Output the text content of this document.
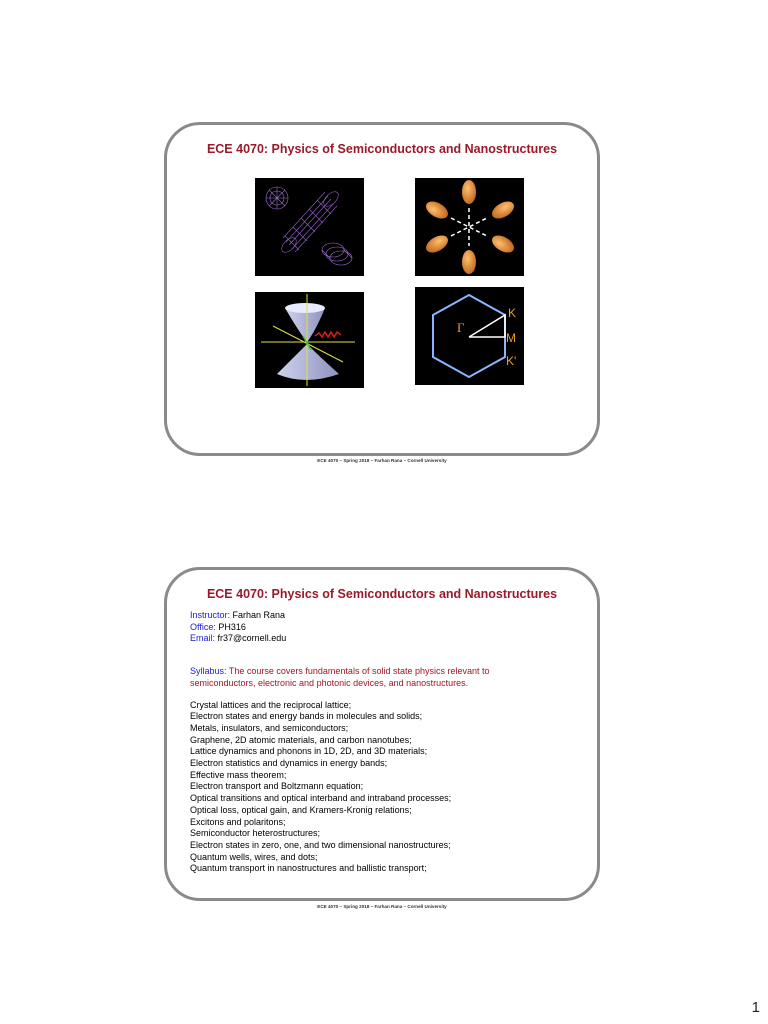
ECE 4070: Physics of Semiconductors and Nanostructures
Γ
K
M
K'
ECE 4070 – Spring 2018 – Farhan Rana – Cornell University
ECE 4070: Physics of Semiconductors and Nanostructures
Instructor: Farhan Rana
Office: PH316
Email: fr37@cornell.edu
Syllabus: The course covers fundamentals of solid state physics relevant to
semiconductors, electronic and photonic devices, and nanostructures.
Crystal lattices and the reciprocal lattice;
Electron states and energy bands in molecules and solids;
Metals, insulators, and semiconductors;
Graphene, 2D atomic materials, and carbon nanotubes;
Lattice dynamics and phonons in 1D, 2D, and 3D materials;
Electron statistics and dynamics in energy bands;
Effective mass theorem;
Electron transport and Boltzmann equation;
Optical transitions and optical interband and intraband processes;
Optical loss, optical gain, and Kramers-Kronig relations;
Excitons and polaritons;
Semiconductor heterostructures;
Electron states in zero, one, and two dimensional nanostructures;
Quantum wells, wires, and dots;
Quantum transport in nanostructures and ballistic transport;
ECE 4070 – Spring 2018 – Farhan Rana – Cornell University
1
